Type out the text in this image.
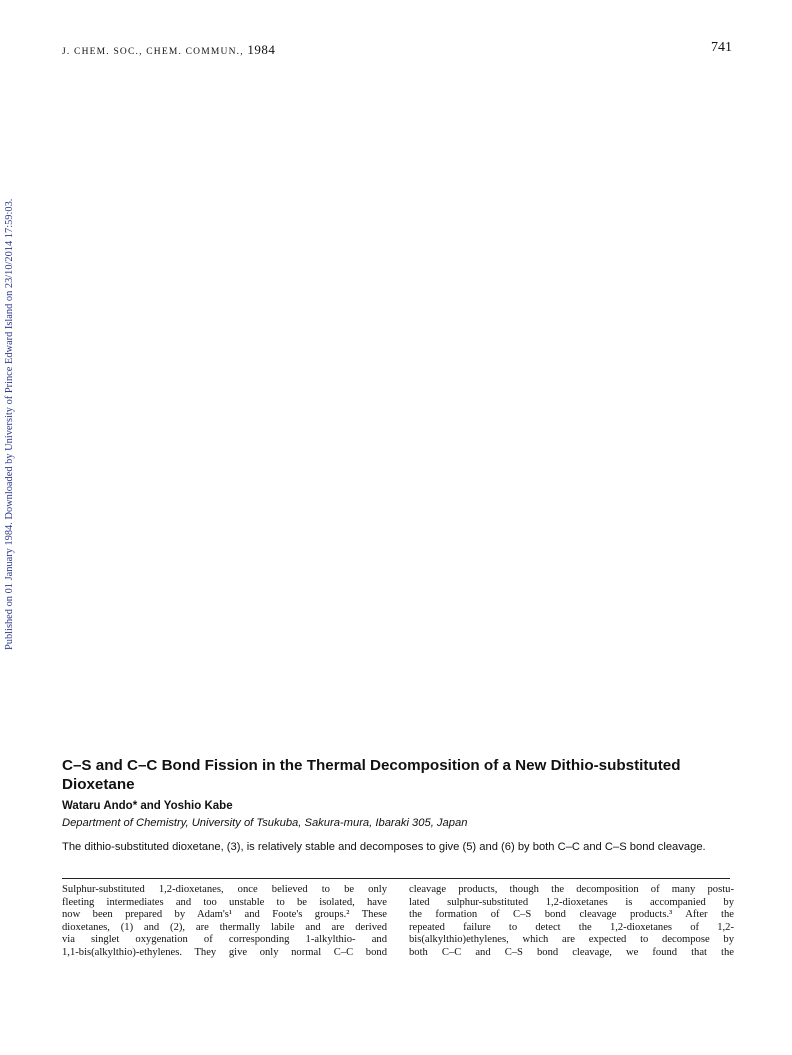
J. CHEM. SOC., CHEM. COMMUN., 1984	741
Published on 01 January 1984. Downloaded by University of Prince Edward Island on 23/10/2014 17:59:03.
C–S and C–C Bond Fission in the Thermal Decomposition of a New Dithio-substituted Dioxetane
Wataru Ando* and Yoshio Kabe
Department of Chemistry, University of Tsukuba, Sakura-mura, Ibaraki 305, Japan

The dithio-substituted dioxetane, (3), is relatively stable and decomposes to give (5) and (6) by both C–C and C–S bond cleavage.

Sulphur-substituted 1,2-dioxetanes, once believed to be only
fleeting intermediates and too unstable to be isolated, have
now been prepared by Adam's¹ and Foote's groups.² These
dioxetanes, (1) and (2), are thermally labile and are derived
via singlet oxygenation of corresponding 1-alkylthio- and
1,1-bis(alkylthio)-ethylenes. They give only normal C–C bond
cleavage products, though the decomposition of many postu-
lated sulphur-substituted 1,2-dioxetanes is accompanied by
the formation of C–S bond cleavage products.³ After the
repeated failure to detect the 1,2-dioxetanes of 1,2-
bis(alkylthio)ethylenes, which are expected to decompose by
both C–C and C–S bond cleavage, we found that the
